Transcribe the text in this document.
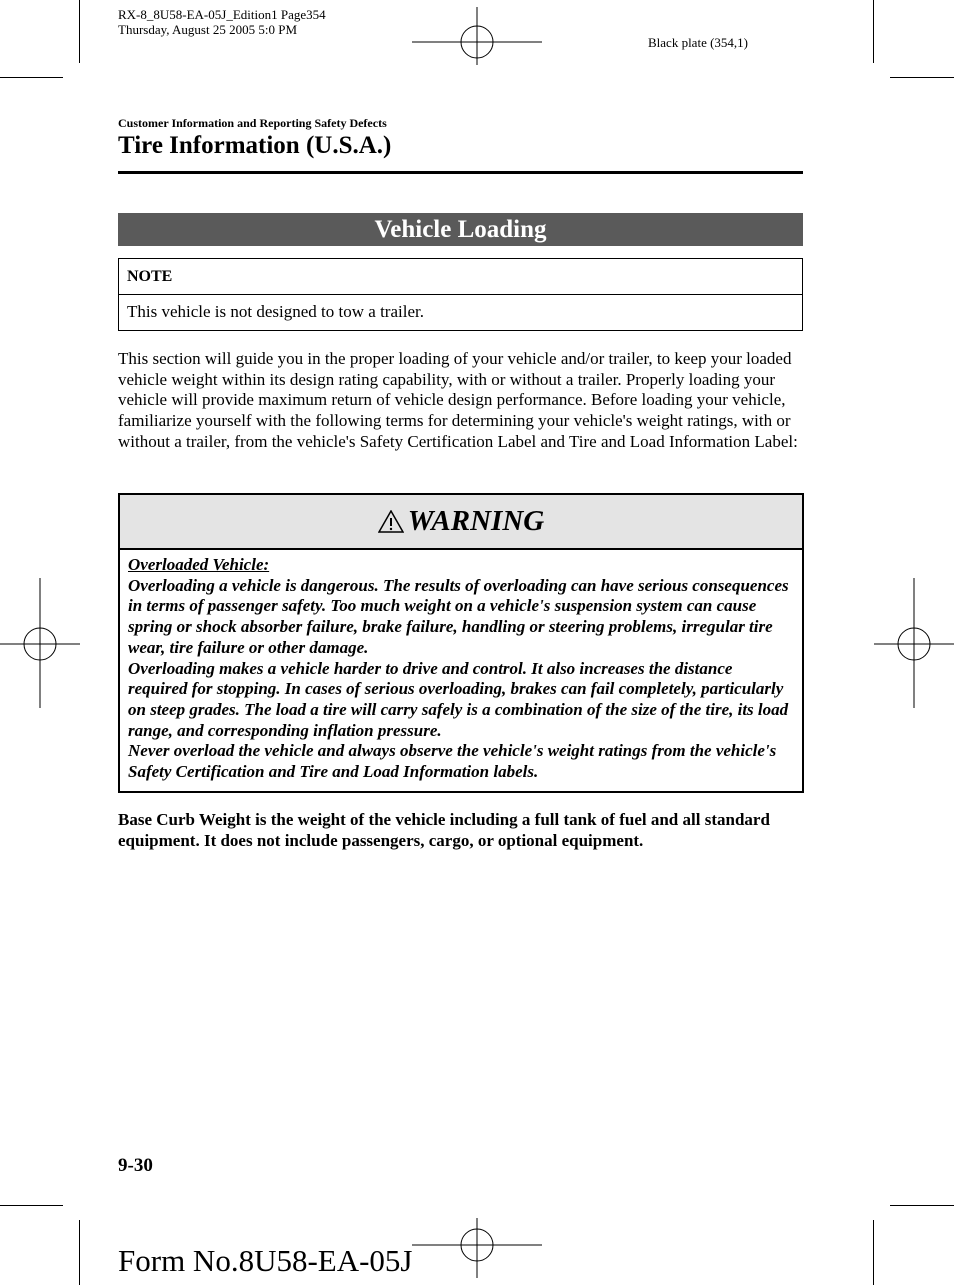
RX-8_8U58-EA-05J_Edition1 Page354
Thursday, August 25 2005 5:0 PM
Black plate (354,1)
Customer Information and Reporting Safety Defects
Tire Information (U.S.A.)
Vehicle Loading
NOTE
This vehicle is not designed to tow a trailer.

This section will guide you in the proper loading of your vehicle and/or trailer, to keep your loaded vehicle weight within its design rating capability, with or without a trailer. Properly loading your vehicle will provide maximum return of vehicle design performance. Before loading your vehicle, familiarize yourself with the following terms for determining your vehicle's weight ratings, with or without a trailer, from the vehicle's Safety Certification Label and Tire and Load Information Label:

WARNING

Overloaded Vehicle:

Overloading a vehicle is dangerous. The results of overloading can have serious consequences in terms of passenger safety. Too much weight on a vehicle's suspension system can cause spring or shock absorber failure, brake failure, handling or steering problems, irregular tire wear, tire failure or other damage.

Overloading makes a vehicle harder to drive and control. It also increases the distance required for stopping. In cases of serious overloading, brakes can fail completely, particularly on steep grades. The load a tire will carry safely is a combination of the size of the tire, its load range, and corresponding inflation pressure.

Never overload the vehicle and always observe the vehicle's weight ratings from the vehicle's Safety Certification and Tire and Load Information labels.

Base Curb Weight is the weight of the vehicle including a full tank of fuel and all standard equipment. It does not include passengers, cargo, or optional equipment.

9-30
Form No.8U58-EA-05J
